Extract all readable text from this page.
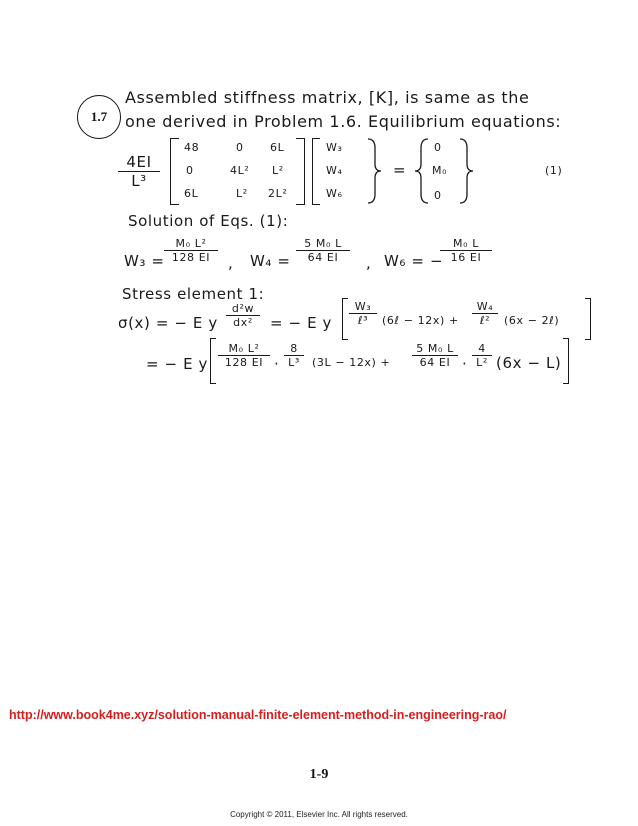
1.7
Assembled stiffness matrix, [K], is same as the
one derived in Problem 1.6. Equilibrium equations:
$\frac{4EI}{\text{L³}}$
48	0 6L
0	4L² L²
6L	L² 2L²
W₃
W₄
W₆
=
0
M₀
0
(1)
Solution of Eqs. (1):
$W_3 = \frac{\text{M₀ L²}}{128 EI}$ , $W_4 = \frac{\text{5 M₀ L}}{64 EI}$ , W₆ = −
$\frac{\text{M₀ L}}{16 EI}$
Stress element 1:
σ(x) = − E y $\frac{\text{d²w}}{\text{dx²}}$ = − E y
W₃
ℓ³	(6ℓ − 12x) +
W₄
ℓ²	(6x − 2ℓ)
= − E y $\frac{\text{M₀ L²}}{128 EI} \cdot \frac{8}{\text{L³}} (3L - 12x) + \frac{\text{5 M₀ L}}{64 EI} \cdot \frac{4}{\text{L²}} (6x - L)$
http://www.book4me.xyz/solution-manual-finite-element-method-in-engineering-rao/
1-9
Copyright © 2011, Elsevier Inc. All rights reserved.
